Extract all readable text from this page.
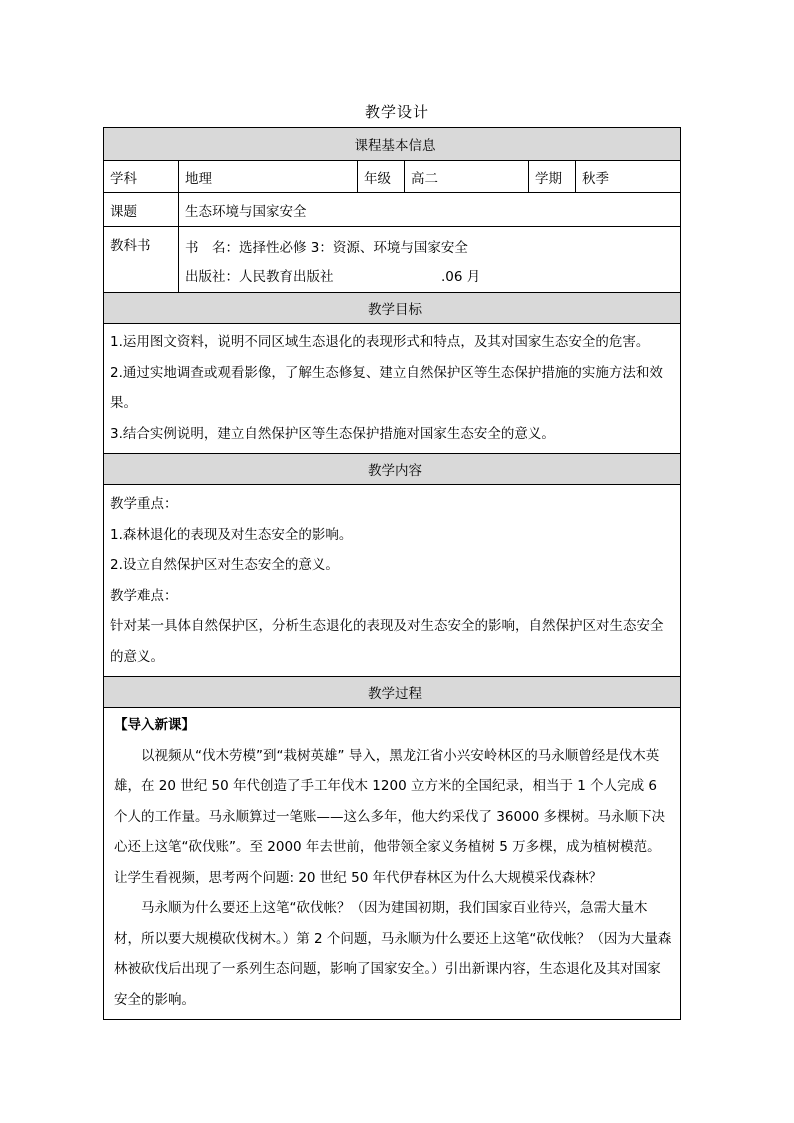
教学设计
课程基本信息					
学科	地理	年级	高二	学期	秋季
课题	生态环境与国家安全				
教科书	书　名：选择性必修 3：资源、环境与国家安全
出版社：人民教育出版社 .06 月				

教学目标					

1.运用图文资料，说明不同区域生态退化的表现形式和特点，及其对国家生态安全的危害。

2.通过实地调查或观看影像，了解生态修复、建立自然保护区等生态保护措施的实施方法和效果。

3.结合实例说明，建立自然保护区等生态保护措施对国家生态安全的意义。					

教学内容					

教学重点：

1.森林退化的表现及对生态安全的影响。

2.设立自然保护区对生态安全的意义。

教学难点：

针对某一具体自然保护区，分析生态退化的表现及对生态安全的影响，自然保护区对生态安全的意义。					

教学过程					

【导入新课】

以视频从“伐木劳模”到“栽树英雄” 导入，黑龙江省小兴安岭林区的马永顺曾经是伐木英雄，在 20 世纪 50 年代创造了手工年伐木 1200 立方米的全国纪录，相当于 1 个人完成 6 个人的工作量。马永顺算过一笔账——这么多年，他大约采伐了 36000 多棵树。马永顺下决心还上这笔“砍伐账”。至 2000 年去世前，他带领全家义务植树 5 万多棵，成为植树模范。让学生看视频，思考两个问题: 20 世纪 50 年代伊春林区为什么大规模采伐森林？

马永顺为什么要还上这笔“砍伐帐？（因为建国初期，我们国家百业待兴，急需大量木材，所以要大规模砍伐树木。）第 2 个问题，马永顺为什么要还上这笔“砍伐帐？（因为大量森林被砍伐后出现了一系列生态问题，影响了国家安全。）引出新课内容，生态退化及其对国家安全的影响。					
